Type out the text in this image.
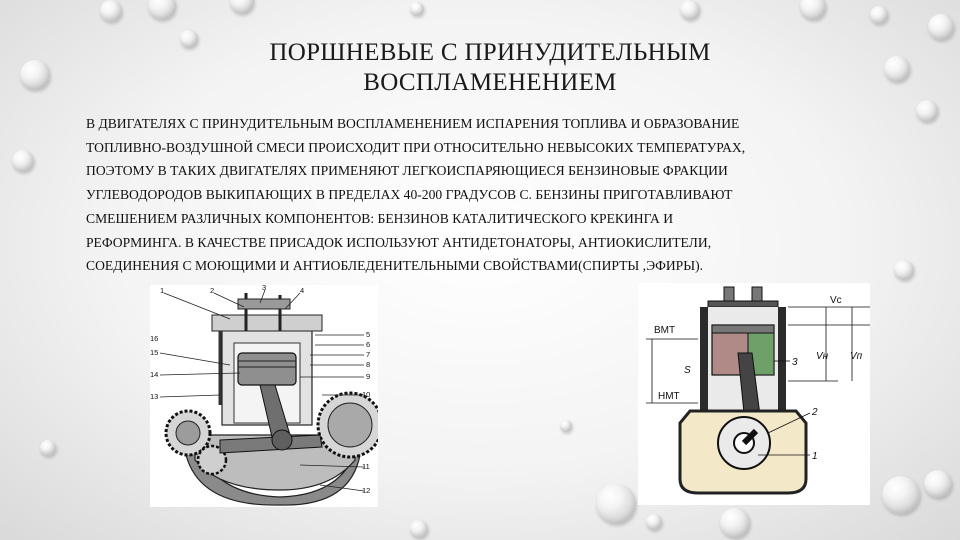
ПОРШНЕВЫЕ С ПРИНУДИТЕЛЬНЫМ
ВОСПЛАМЕНЕНИЕМ
В ДВИГАТЕЛЯХ С ПРИНУДИТЕЛЬНЫМ ВОСПЛАМЕНЕНИЕМ ИСПАРЕНИЯ ТОПЛИВА И ОБРАЗОВАНИЕ
ТОПЛИВНО-ВОЗДУШНОЙ СМЕСИ ПРОИСХОДИТ ПРИ ОТНОСИТЕЛЬНО НЕВЫСОКИХ ТЕМПЕРАТУРАХ,
ПОЭТОМУ В ТАКИХ ДВИГАТЕЛЯХ ПРИМЕНЯЮТ ЛЕГКОИСПАРЯЮЩИЕСЯ БЕНЗИНОВЫЕ ФРАКЦИИ
УГЛЕВОДОРОДОВ ВЫКИПАЮЩИХ В ПРЕДЕЛАХ 40-200 ГРАДУСОВ С. БЕНЗИНЫ ПРИГОТАВЛИВАЮТ
СМЕШЕНИЕМ РАЗЛИЧНЫХ КОМПОНЕНТОВ: БЕНЗИНОВ КАТАЛИТИЧЕСКОГО КРЕКИНГА И
РЕФОРМИНГА. В КАЧЕСТВЕ ПРИСАДОК ИСПОЛЬЗУЮТ АНТИДЕТОНАТОРЫ, АНТИОКИСЛИТЕЛИ,
СОЕДИНЕНИЯ С МОЮЩИМИ И АНТИОБЛЕДЕНИТЕЛЬНЫМИ СВОЙСТВАМИ(СПИРТЫ ,ЭФИРЫ).
1	2	3	4
5
6
7
8
9
10
11
12
13
14
15
16
Vc
ВМТ
НМТ
S
Vн Vп
3
2
1
